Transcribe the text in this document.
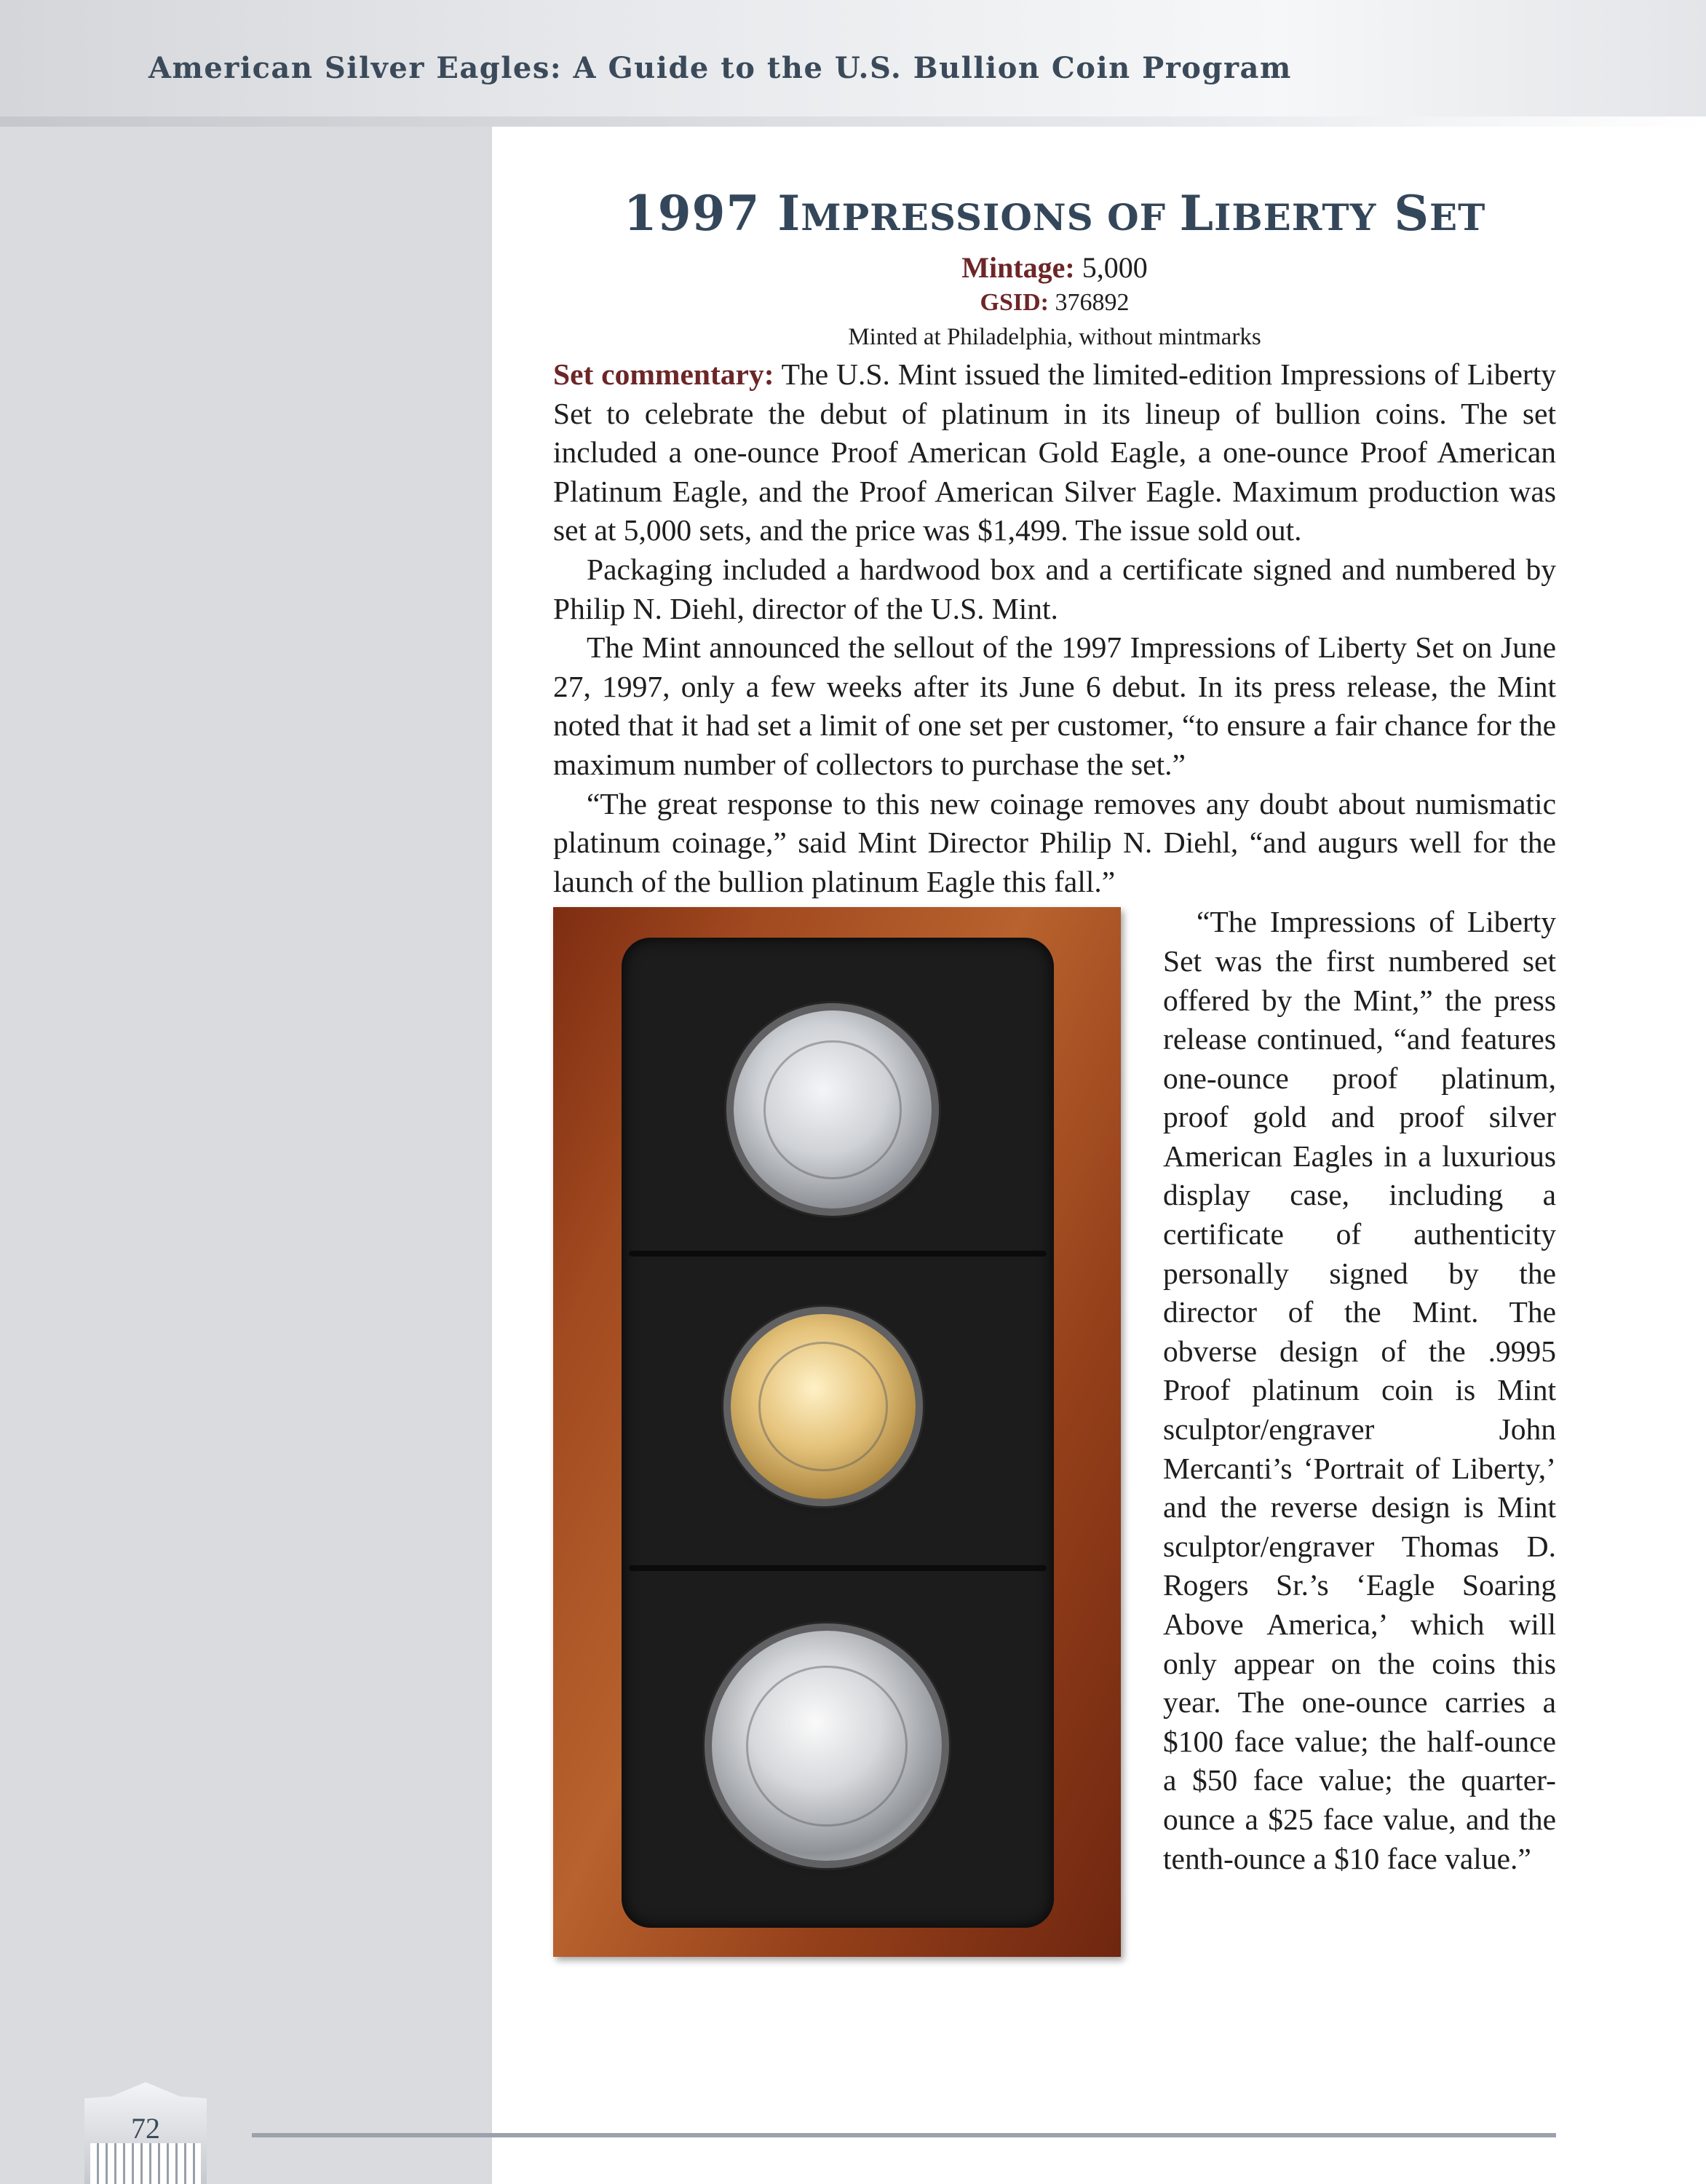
American Silver Eagles: A Guide to the U.S. Bullion Coin Program

1997 IMPRESSIONS OF LIBERTY SET

Mintage: 5,000

GSID: 376892

Minted at Philadelphia, without mintmarks

Set commentary: The U.S. Mint issued the limited-edition Impressions of Liberty Set to celebrate the debut of platinum in its lineup of bullion coins. The set included a one-ounce Proof American Gold Eagle, a one-ounce Proof American Platinum Eagle, and the Proof American Silver Eagle. Maximum production was set at 5,000 sets, and the price was $1,499. The issue sold out.

Packaging included a hardwood box and a certificate signed and numbered by Philip N. Diehl, director of the U.S. Mint.

The Mint announced the sellout of the 1997 Impressions of Liberty Set on June 27, 1997, only a few weeks after its June 6 debut. In its press release, the Mint noted that it had set a limit of one set per customer, “to ensure a fair chance for the maximum number of collectors to purchase the set.”

“The great response to this new coinage removes any doubt about numismatic platinum coinage,” said Mint Director Philip N. Diehl, “and augurs well for the launch of the bullion platinum Eagle this fall.”

“The Impressions of Liberty Set was the first numbered set offered by the Mint,” the press release continued, “and features one-ounce proof platinum, proof gold and proof silver American Eagles in a luxurious display case, including a certificate of authenticity personally signed by the director of the Mint. The obverse design of the .9995 Proof platinum coin is Mint sculptor/engraver John Mercanti’s ‘Portrait of Liberty,’ and the reverse design is Mint sculptor/engraver Thomas D. Rogers Sr.’s ‘Eagle Soaring Above America,’ which will only appear on the coins this year. The one-ounce carries a $100 face value; the half-ounce a $50 face value; the quarter-ounce a $25 face value, and the tenth-ounce a $10 face value.”

72
